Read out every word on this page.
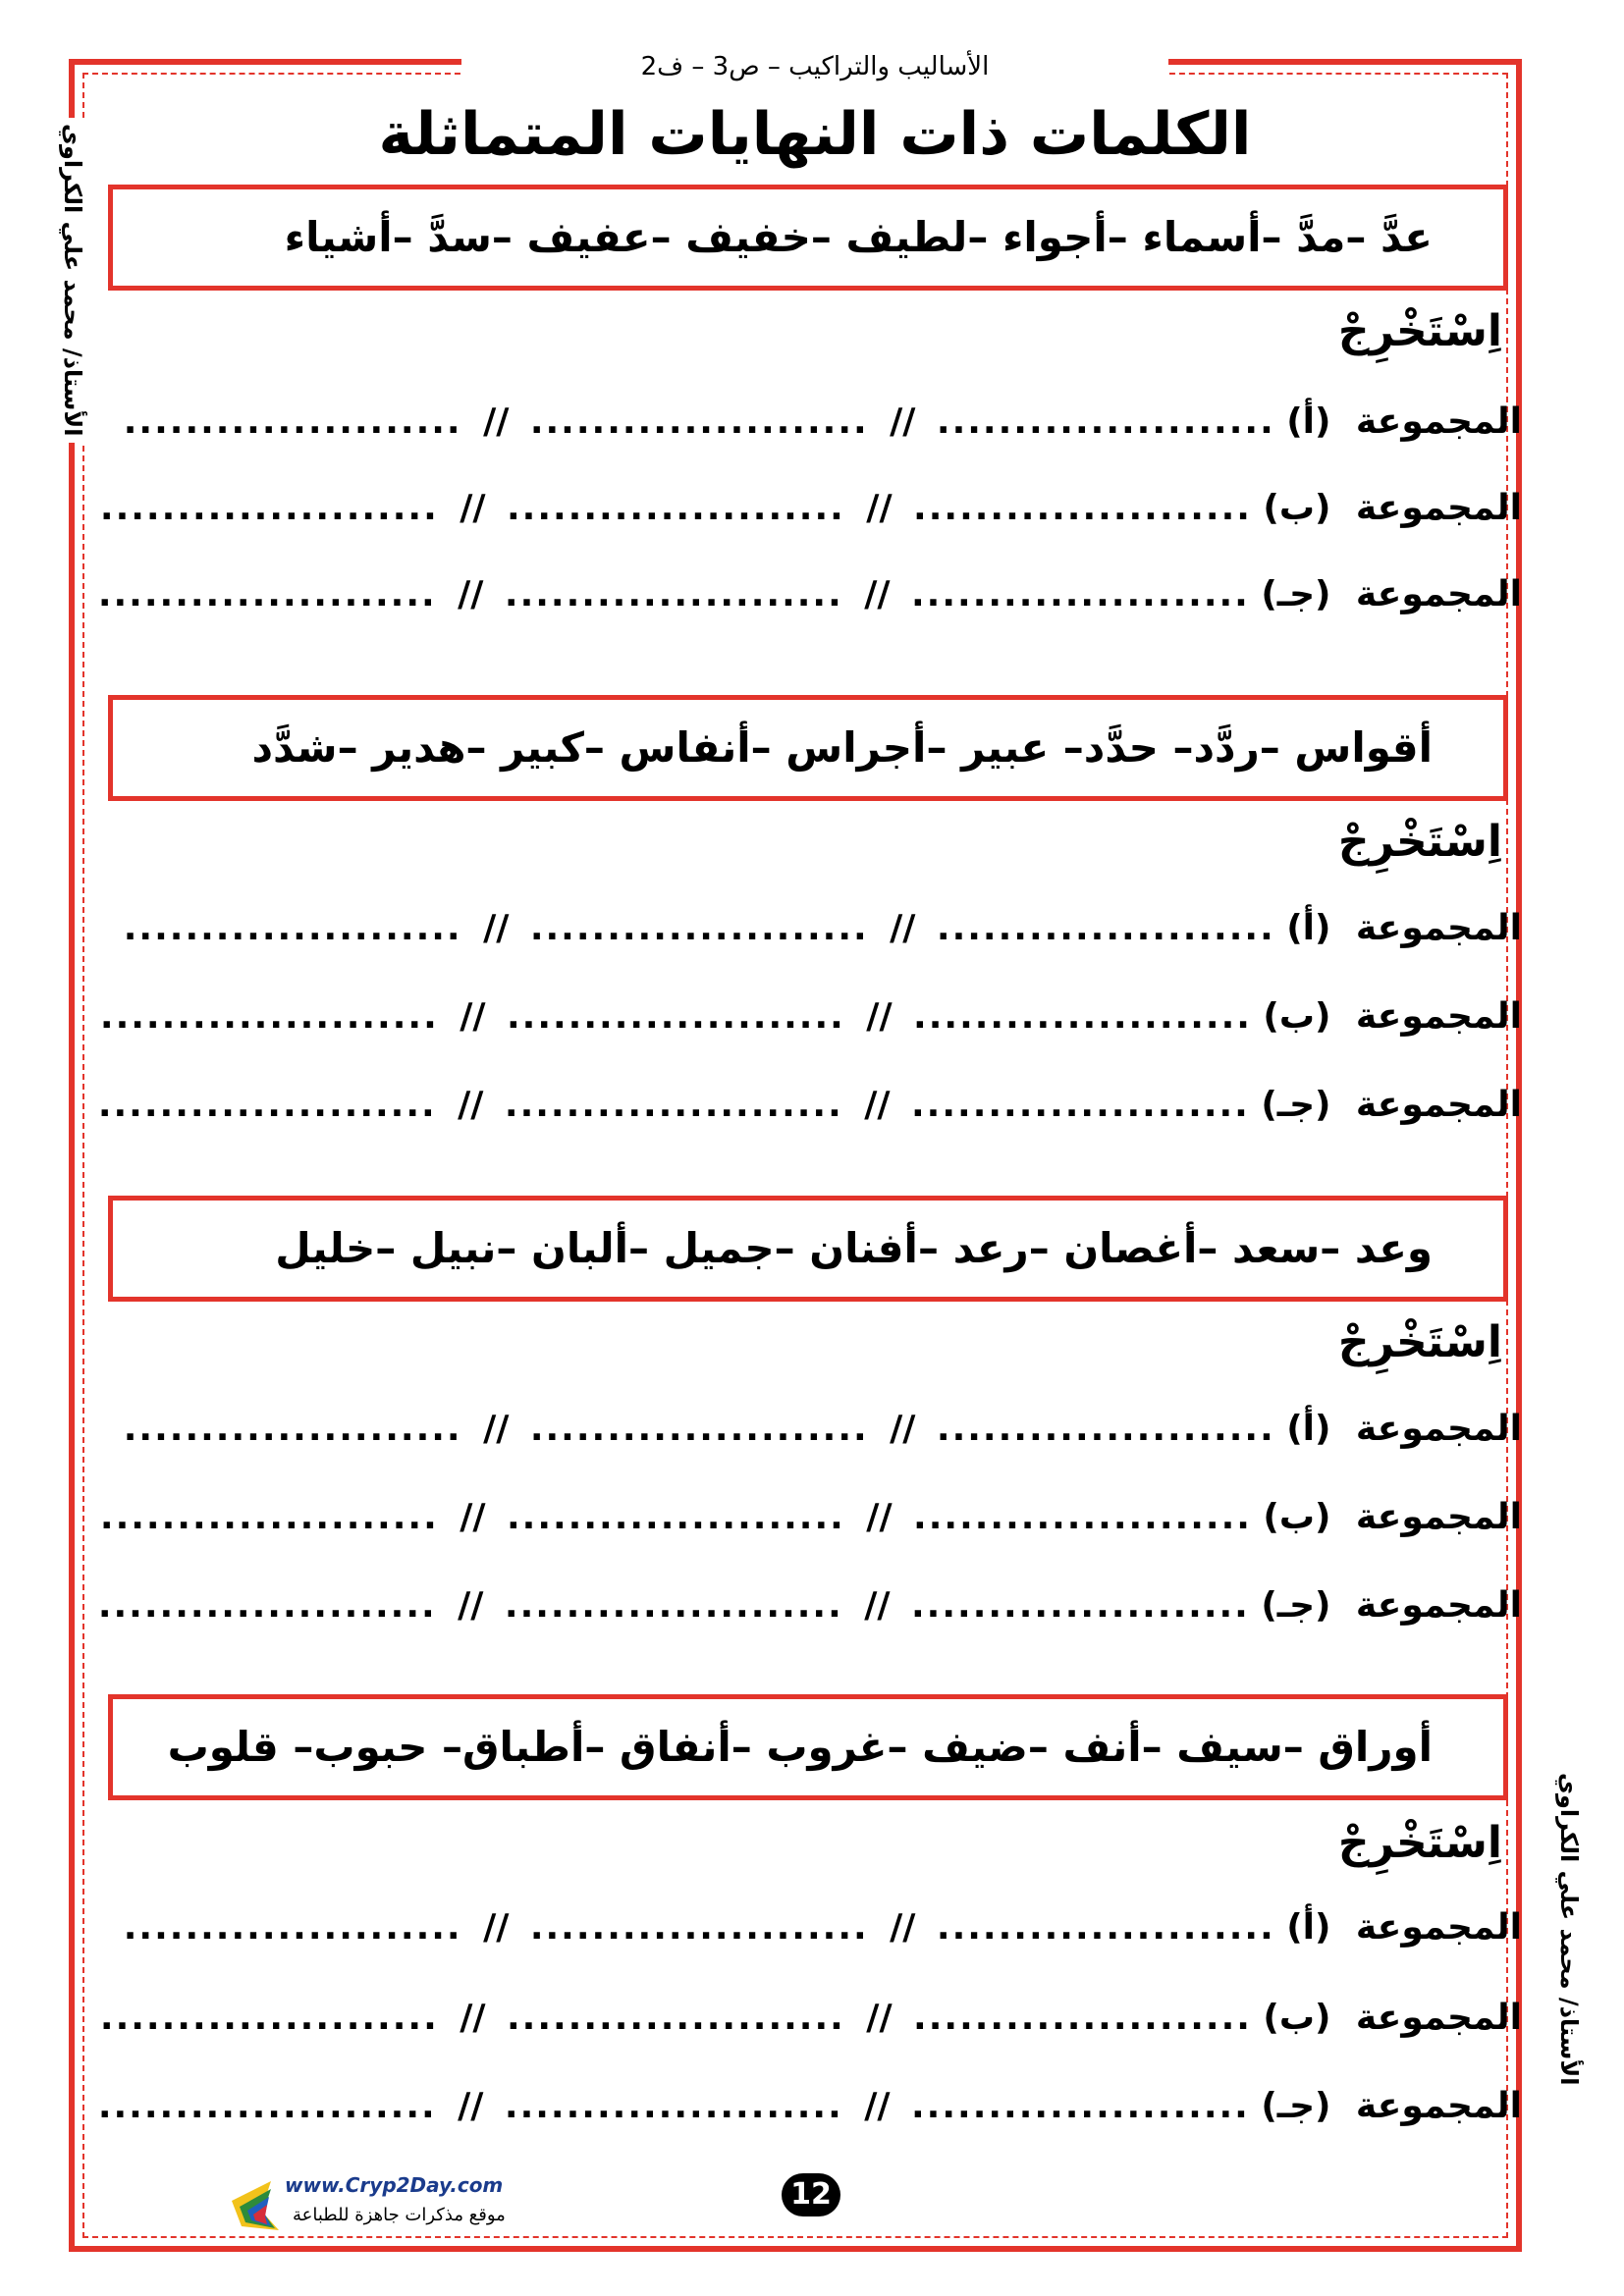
الأساليب والتراكيب – ص3 – ف2
الكلمات ذات النهايات المتماثلة
الأستاذ/ محمد علي الكراوي
الأستاذ/ محمد علي الكراوي
عدَّ –مدَّ –أسماء –أجواء –لطيف –خفيف –عفيف –سدَّ –أشياء
اِسْتَخْرِجْ
المجموعة (أ) ...................... // ...................... // ......................
المجموعة (ب) ...................... // ...................... // ......................
المجموعة (جـ) ...................... // ...................... // ......................
أقواس –ردَّد– حدَّد– عبير –أجراس –أنفاس –كبير –هدير –شدَّد
اِسْتَخْرِجْ
المجموعة (أ) ...................... // ...................... // ......................
المجموعة (ب) ...................... // ...................... // ......................
المجموعة (جـ) ...................... // ...................... // ......................
وعد –سعد –أغصان –رعد –أفنان –جميل –ألبان –نبيل –خليل
اِسْتَخْرِجْ
المجموعة (أ) ...................... // ...................... // ......................
المجموعة (ب) ...................... // ...................... // ......................
المجموعة (جـ) ...................... // ...................... // ......................
أوراق –سيف –أنف –ضيف –غروب –أنفاق –أطباق– حبوب– قلوب
اِسْتَخْرِجْ
المجموعة (أ) ...................... // ...................... // ......................
المجموعة (ب) ...................... // ...................... // ......................
المجموعة (جـ) ...................... // ...................... // ......................
www.Cryp2Day.com
موقع مذكرات جاهزة للطباعة
12
